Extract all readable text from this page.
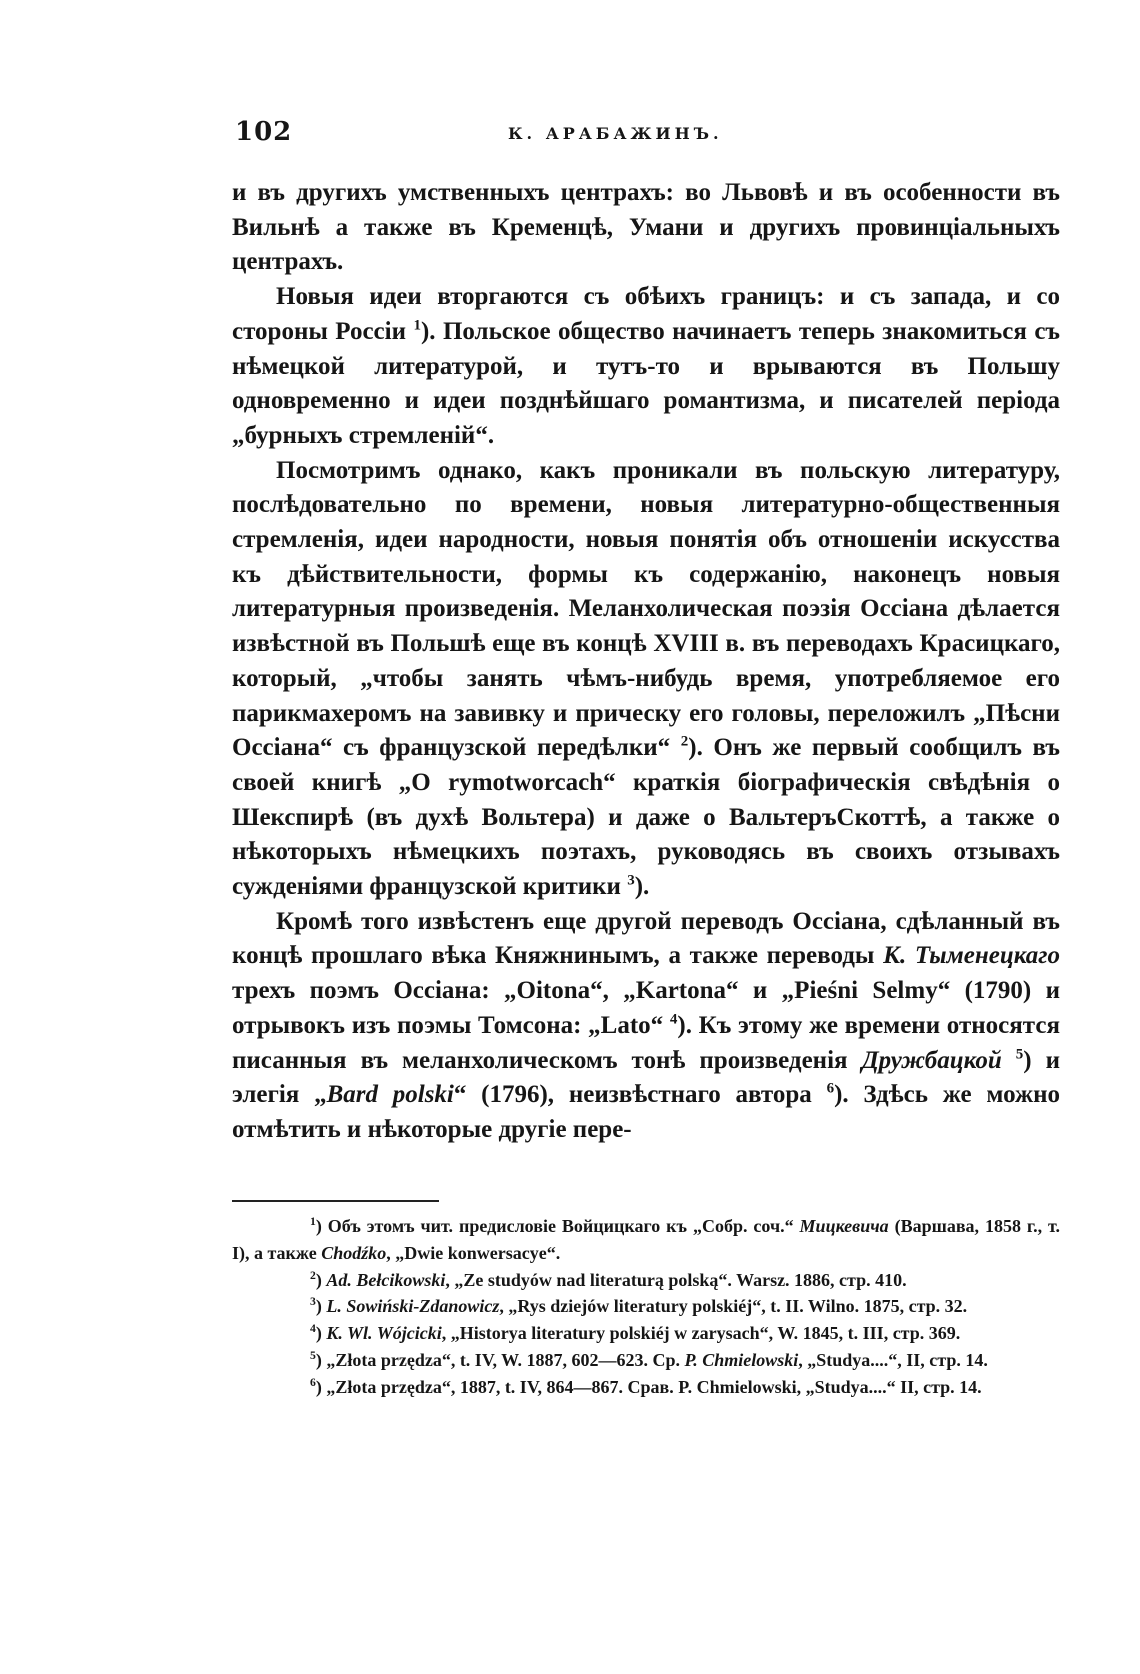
102	К. АРАБАЖИНЪ.

и въ другихъ умственныхъ центрахъ: во Львовѣ и въ особенности въ Вильнѣ а также въ Кременцѣ, Умани и другихъ провинціальныхъ центрахъ.

Новыя идеи вторгаются съ обѣихъ границъ: и съ запада, и со стороны Россіи $^1$). Польское общество начинаетъ теперь знакомиться съ нѣмецкой литературой, и тутъ-то и врываются въ Польшу одновременно и идеи позднѣйшаго романтизма, и писателей періода „бурныхъ стремленій“.

Посмотримъ однако, какъ проникали въ польскую литературу, послѣдовательно по времени, новыя литературно-общественныя стремленія, идеи народности, новыя понятія объ отношеніи искусства къ дѣйствительности, формы къ содержанію, наконецъ новыя литературныя произведенія. Меланхолическая поэзія Оссіана дѣлается извѣстной въ Польшѣ еще въ концѣ XVIII в. въ переводахъ Красицкаго, который, „чтобы занять чѣмъ-нибудь время, употребляемое его парикмахеромъ на завивку и прическу его головы, переложилъ „Пѣсни Оссіана“ съ французской передѣлки“ $^2$). Онъ же первый сообщилъ въ своей книгѣ „O rymotworcach“ краткія біографическія свѣдѣнія о Шекспирѣ (въ духѣ Вольтера) и даже о ВальтеръСкоттѣ, а также о нѣкоторыхъ нѣмецкихъ поэтахъ, руководясь въ своихъ отзывахъ сужденіями французской критики $^3$).

Кромѣ того извѣстенъ еще другой переводъ Оссіана, сдѣланный въ концѣ прошлаго вѣка Княжнинымъ, а также переводы К. Тыменецкаго трехъ поэмъ Оссіана: „Oitona“, „Kartona“ и „Pieśni Selmy“ (1790) и отрывокъ изъ поэмы Томсона: „Lato“ $^4$). Къ этому же времени относятся писанныя въ меланхолическомъ тонѣ произведенія Дружбацкой $^5$) и элегія „Bard polski“ (1796), неизвѣстнаго автора $^6$). Здѣсь же можно отмѣтить и нѣкоторые другіе пере-

$^1$) Объ этомъ чит. предисловіе Войцицкаго къ „Собр. соч.“ Мицкевича (Варшава, 1858 г., т. I), а также Chodźko, „Dwie konwersacye“.

$^2$) Ad. Bełcikowski, „Ze studyów nad literaturą polską“. Warsz. 1886, стр. 410.

$^3$) L. Sowiński-Zdanowicz, „Rys dziejów literatury polskiéj“, t. II. Wilno. 1875, стр. 32.

$^4$) K. Wl. Wójcicki, „Historya literatury polskiéj w zarysach“, W. 1845, t. III, стр. 369.

$^5$) „Złota przędza“, t. IV, W. 1887, 602—623. Ср. P. Chmielowski, „Studya....“, II, стр. 14.

$^6$) „Złota przędza“, 1887, t. IV, 864—867. Срав. P. Chmielowski, „Studya....“ II, стр. 14.
